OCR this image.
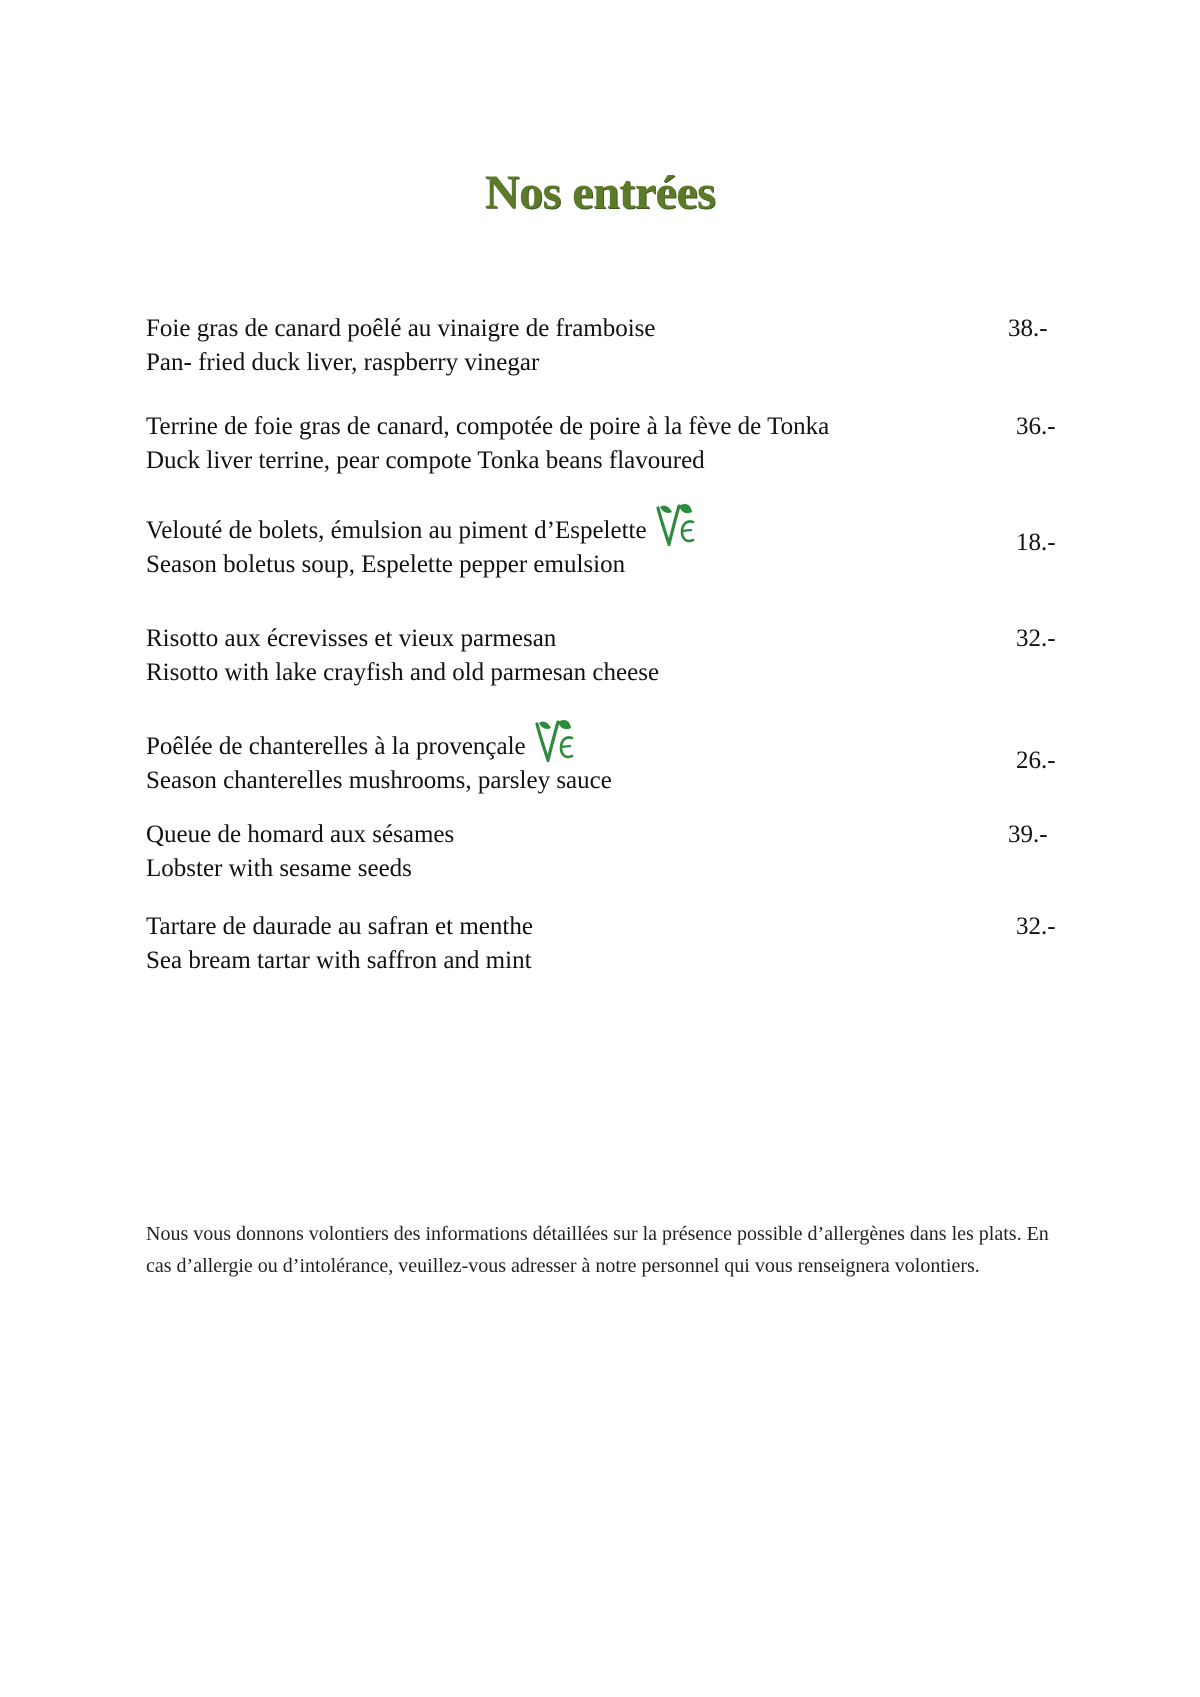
Nos entrées
Foie gras de canard poêlé au vinaigre de framboise
Pan- fried duck liver, raspberry vinegar
38.-
Terrine de foie gras de canard, compotée de poire à la fève de Tonka
Duck liver terrine, pear compote Tonka beans flavoured
36.-
Velouté de bolets, émulsion au piment d’Espelette
Season boletus soup, Espelette pepper emulsion
18.-
Risotto aux écrevisses et vieux parmesan
Risotto with lake crayfish and old parmesan cheese
32.-
Poêlée de chanterelles à la provençale
Season chanterelles mushrooms, parsley sauce
26.-
Queue de homard aux sésames
Lobster with sesame seeds
39.-
Tartare de daurade au safran et menthe
Sea bream tartar with saffron and mint
32.-

Nous vous donnons volontiers des informations détaillées sur la présence possible d’allergènes dans les plats. En cas d’allergie ou d’intolérance, veuillez-vous adresser à notre personnel qui vous renseignera volontiers.
